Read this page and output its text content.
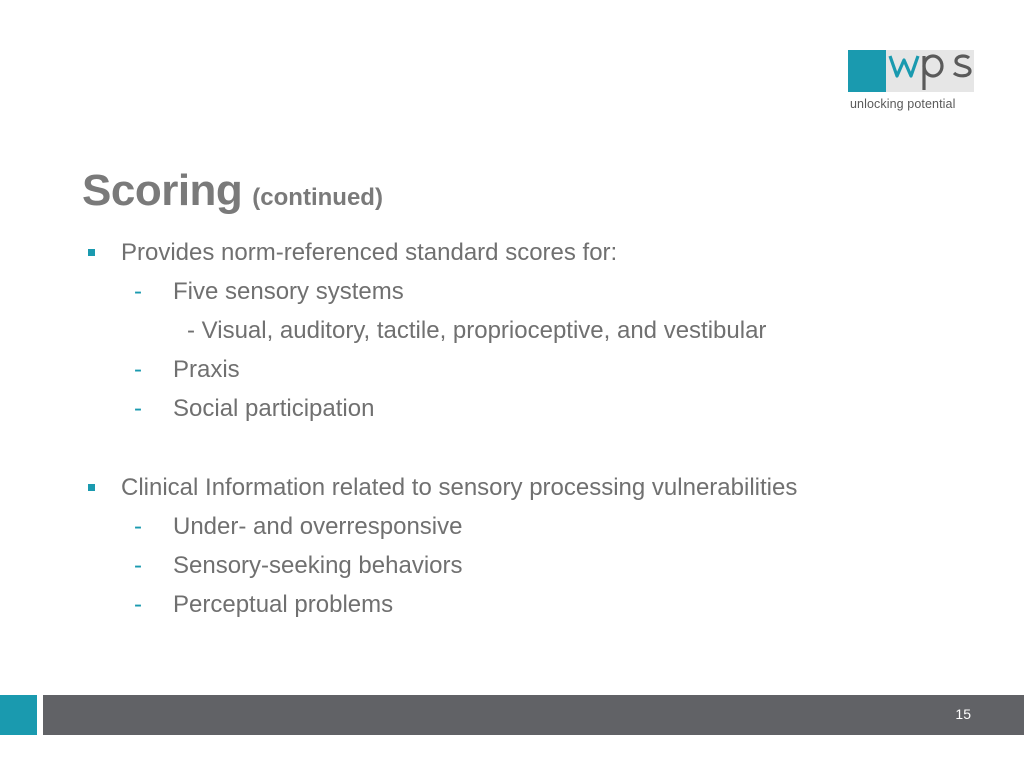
unlocking potential
Scoring (continued)
Provides norm-referenced standard scores for:
- Five sensory systems
- Visual, auditory, tactile, proprioceptive, and vestibular
- Praxis
- Social participation
Clinical Information related to sensory processing vulnerabilities
- Under- and overresponsive
- Sensory-seeking behaviors
- Perceptual problems
15
